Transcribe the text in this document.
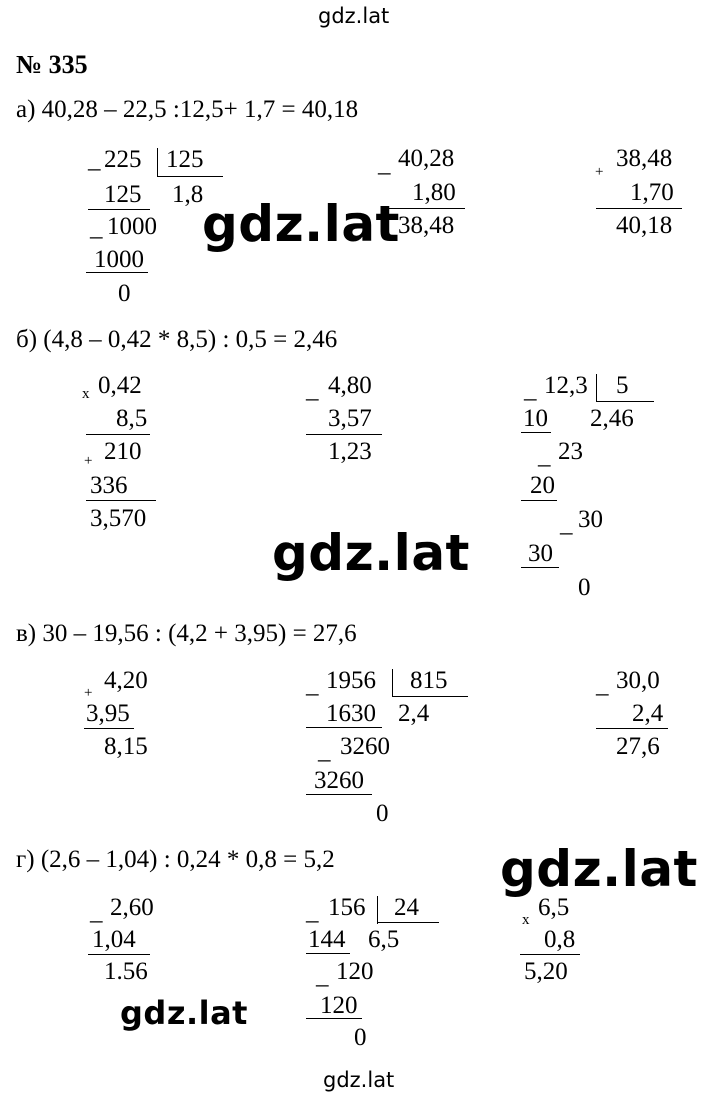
gdz.lat
№ 335
а) 40,28 – 22,5 :12,5+ 1,7 = 40,18
_ 225 125
125 1,8
_ 1000
1000
0
_ 40,28
1,80
38,48
+ 38,48
1,70
40,18
gdz.lat
б) (4,8 – 0,42 * 8,5) : 0,5 = 2,46
x 0,42
8,5
+ 210
336
3,570
_ 4,80
3,57
1,23
_ 12,3 5
10 2,46
_ 23
20
_ 30
30
0
gdz.lat
в) 30 – 19,56 : (4,2 + 3,95) = 27,6
+ 4,20
3,95
8,15
_ 1956 815
1630 2,4
_ 3260
3260
0
_ 30,0
2,4
27,6
г) (2,6 – 1,04) : 0,24 * 0,8 = 5,2	gdz.lat
_ 2,60
1,04
1.56
_ 156 24
144 6,5
_ 120
120
0
x 6,5
0,8
5,20
gdz.lat
gdz.lat
